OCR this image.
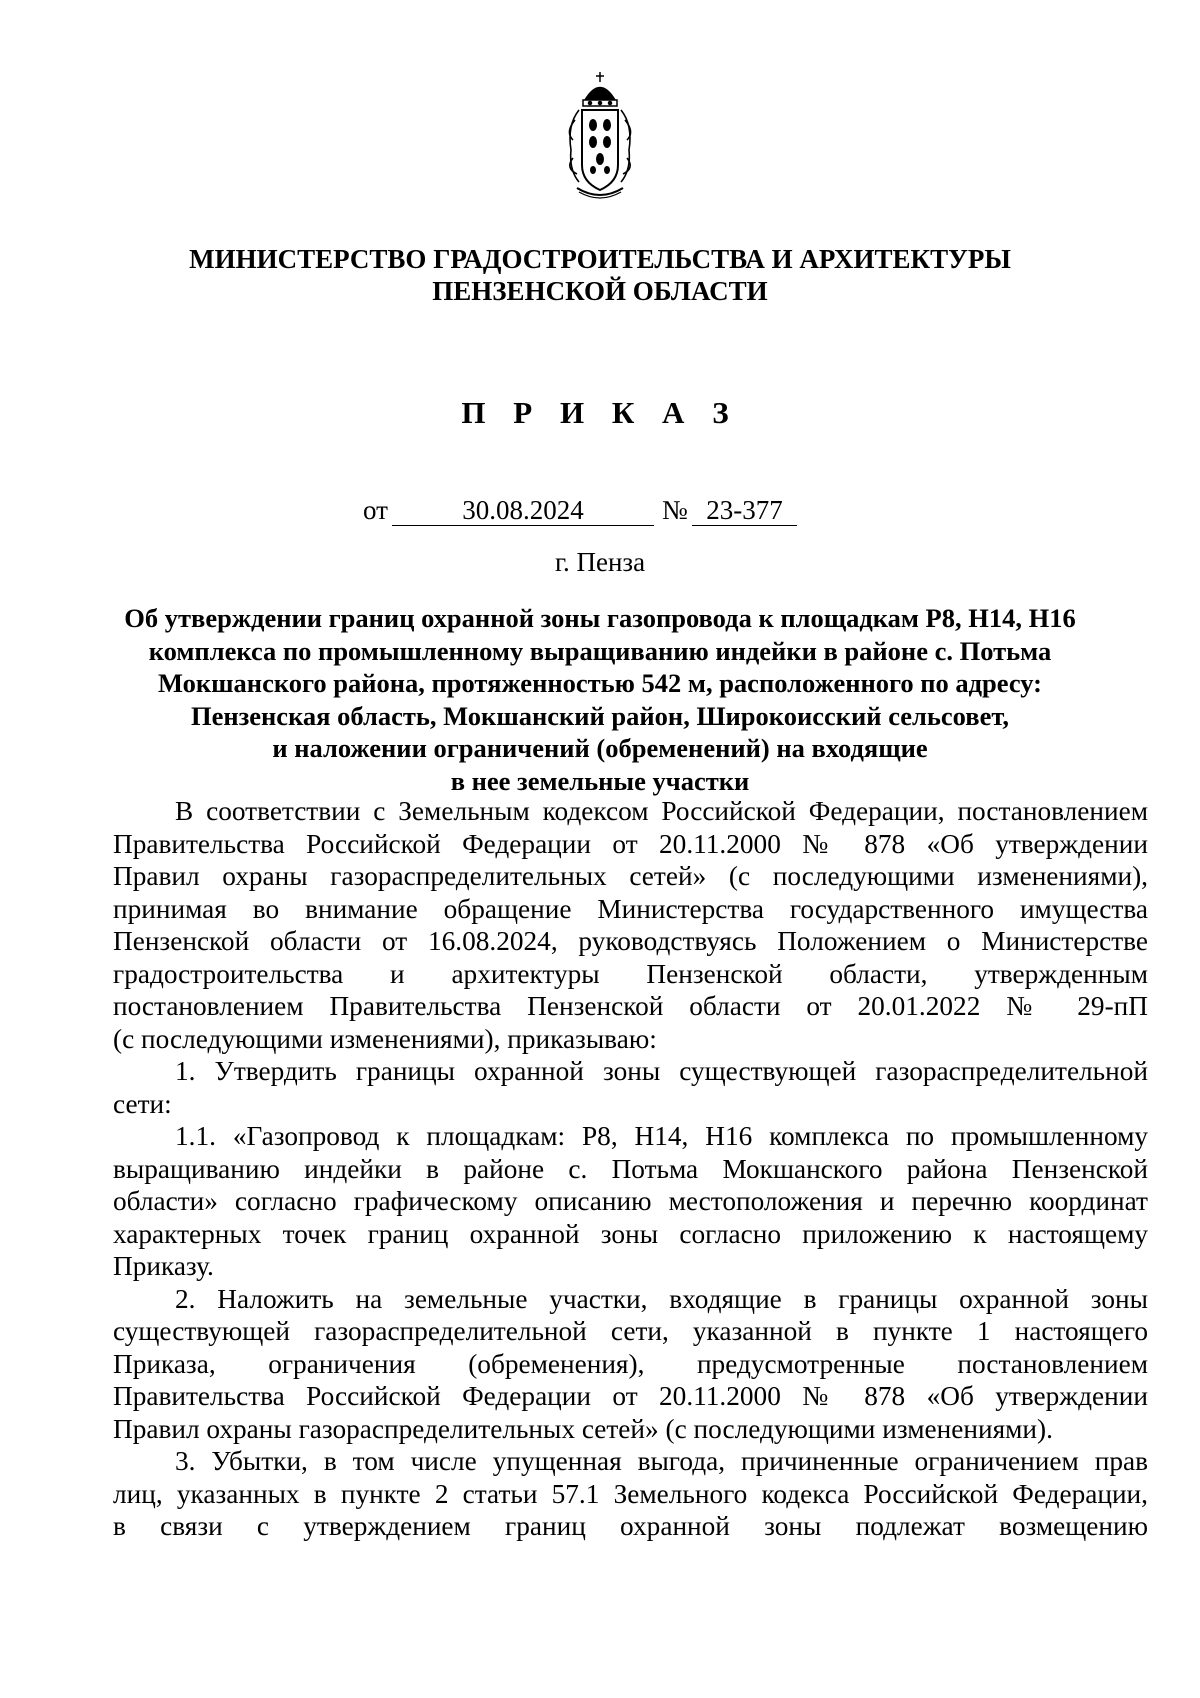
МИНИСТЕРСТВО ГРАДОСТРОИТЕЛЬСТВА И АРХИТЕКТУРЫ
ПЕНЗЕНСКОЙ ОБЛАСТИ
П Р И К А З
от	30.08.2024	№ 23-377
г. Пенза
Об утверждении границ охранной зоны газопровода к площадкам Р8, Н14, Н16
комплекса по промышленному выращиванию индейки в районе с. Потьма
Мокшанского района, протяженностью 542 м, расположенного по адресу:
Пензенская область, Мокшанский район, Широкоисский сельсовет,
и наложении ограничений (обременений) на входящие
в нее земельные участки
В соответствии с Земельным кодексом Российской Федерации, постановлением
Правительства Российской Федерации от 20.11.2000 № 878 «Об утверждении
Правил охраны газораспределительных сетей» (с последующими изменениями),
принимая во внимание обращение Министерства государственного имущества
Пензенской области от 16.08.2024, руководствуясь Положением о Министерстве
градостроительства и архитектуры Пензенской области, утвержденным
постановлением Правительства Пензенской области от 20.01.2022 № 29-пП
(с последующими изменениями), приказываю:
1. Утвердить границы охранной зоны существующей газораспределительной
сети:
1.1. «Газопровод к площадкам: Р8, Н14, Н16 комплекса по промышленному
выращиванию индейки в районе с. Потьма Мокшанского района Пензенской
области» согласно графическому описанию местоположения и перечню координат
характерных точек границ охранной зоны согласно приложению к настоящему
Приказу.
2. Наложить на земельные участки, входящие в границы охранной зоны
существующей газораспределительной сети, указанной в пункте 1 настоящего
Приказа, ограничения (обременения), предусмотренные постановлением
Правительства Российской Федерации от 20.11.2000 № 878 «Об утверждении
Правил охраны газораспределительных сетей» (с последующими изменениями).
3. Убытки, в том числе упущенная выгода, причиненные ограничением прав
лиц, указанных в пункте 2 статьи 57.1 Земельного кодекса Российской Федерации,
в связи с утверждением границ охранной зоны подлежат возмещению
